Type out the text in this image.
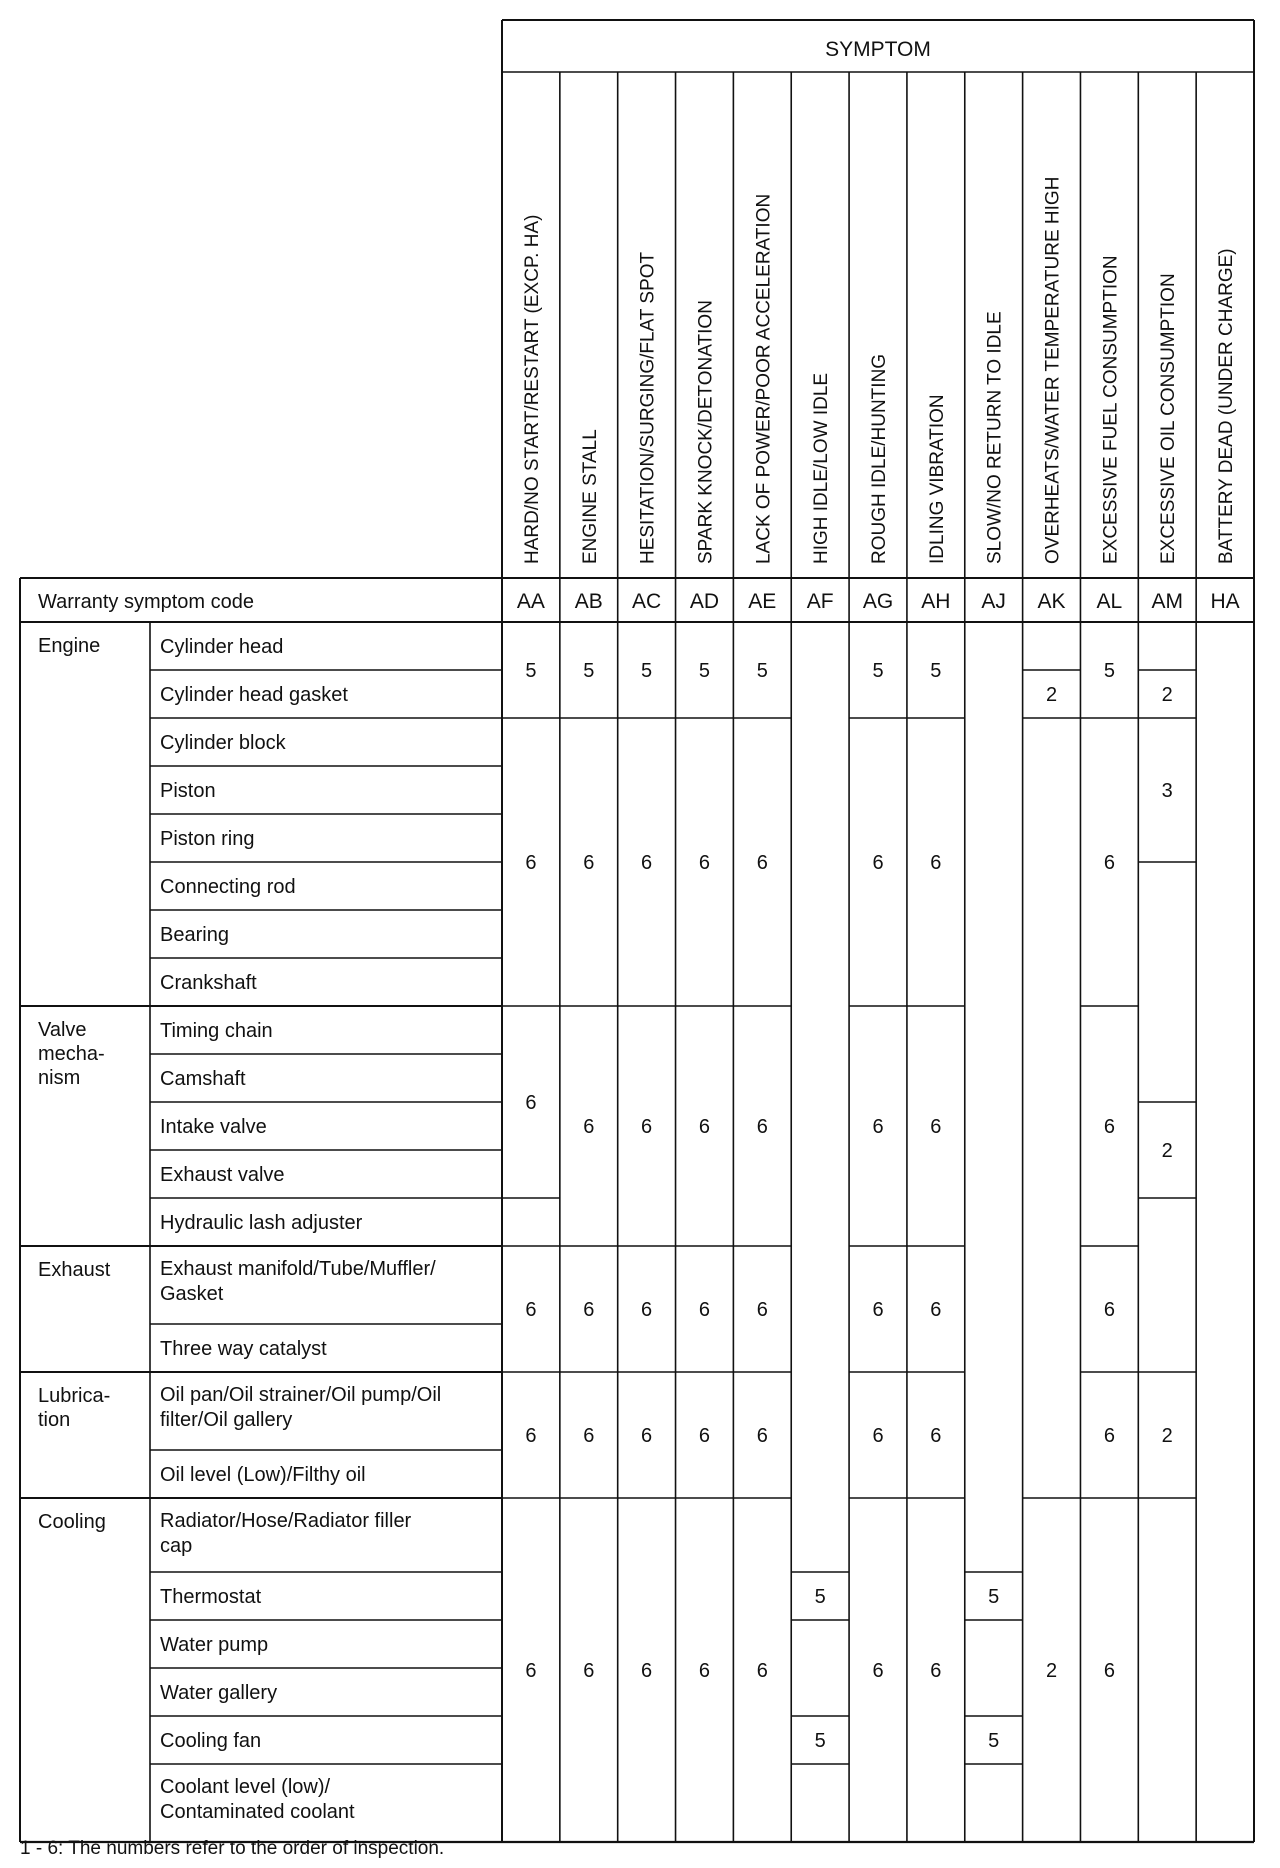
SYMPTOM
HARD/NO START/RESTART (EXCP. HA) ENGINE STALL HESITATION/SURGING/FLAT SPOT SPARK KNOCK/DETONATION LACK OF POWER/POOR ACCELERATION HIGH IDLE/LOW IDLE ROUGH IDLE/HUNTING IDLING VIBRATION SLOW/NO RETURN TO IDLE OVERHEATS/WATER TEMPERATURE HIGH EXCESSIVE FUEL CONSUMPTION EXCESSIVE OIL CONSUMPTION BATTERY DEAD (UNDER CHARGE)
Warranty symptom code	AA AB AC AD AE AF AG AH AJ AK AL AM HA
Engine
Valve
mecha-
nism
Exhaust
Lubrica-
tion
Cooling
Cylinder head
Cylinder head gasket
Cylinder block
Piston
Piston ring
Connecting rod
Bearing
Crankshaft
Timing chain
Camshaft
Intake valve
Exhaust valve
Hydraulic lash adjuster
Exhaust manifold/Tube/Muffler/
Gasket
Three way catalyst
Oil pan/Oil strainer/Oil pump/Oil
filter/Oil gallery
Oil level (Low)/Filthy oil
Radiator/Hose/Radiator filler
cap
Thermostat
Water pump
Water gallery
Cooling fan
Coolant level (low)/
Contaminated coolant
5
6
6
6
6
6
5
6
6
6
6
6
5
6
6
6
6
6
5
6
6
6
6
6
5
6
6
6
6
6
5
5
5
6
6
6
6
6
5
6
6
6
6
6
5
5
2
2
5
6
6
6
6
6
2
3
2
2
1 - 6: The numbers refer to the order of inspection.
